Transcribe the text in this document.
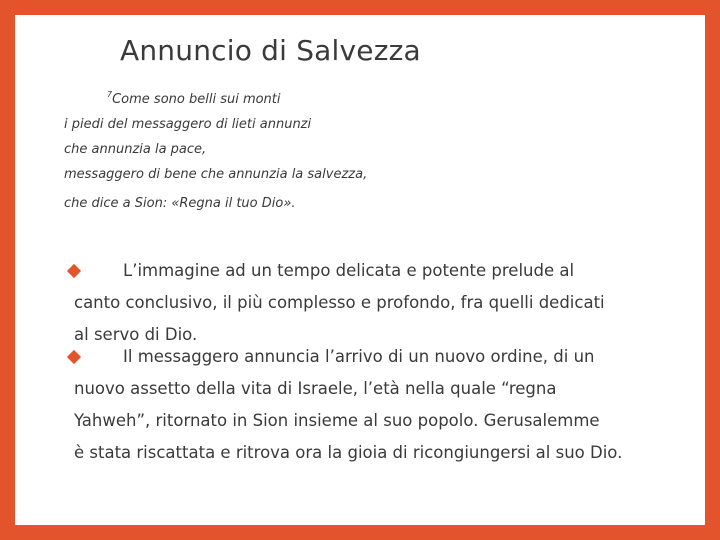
Annuncio di Salvezza
$^7$Come sono belli sui monti
i piedi del messaggero di lieti annunzi
che annunzia la pace,
messaggero di bene che annunzia la salvezza,
che dice a Sion: «Regna il tuo Dio».
L’immagine ad un tempo delicata e potente prelude al
canto conclusivo, il più complesso e profondo, fra quelli dedicati
al servo di Dio.
Il messaggero annuncia l’arrivo di un nuovo ordine, di un
nuovo assetto della vita di Israele, l’età nella quale “regna
Yahweh”, ritornato in Sion insieme al suo popolo. Gerusalemme
è stata riscattata e ritrova ora la gioia di ricongiungersi al suo Dio.
